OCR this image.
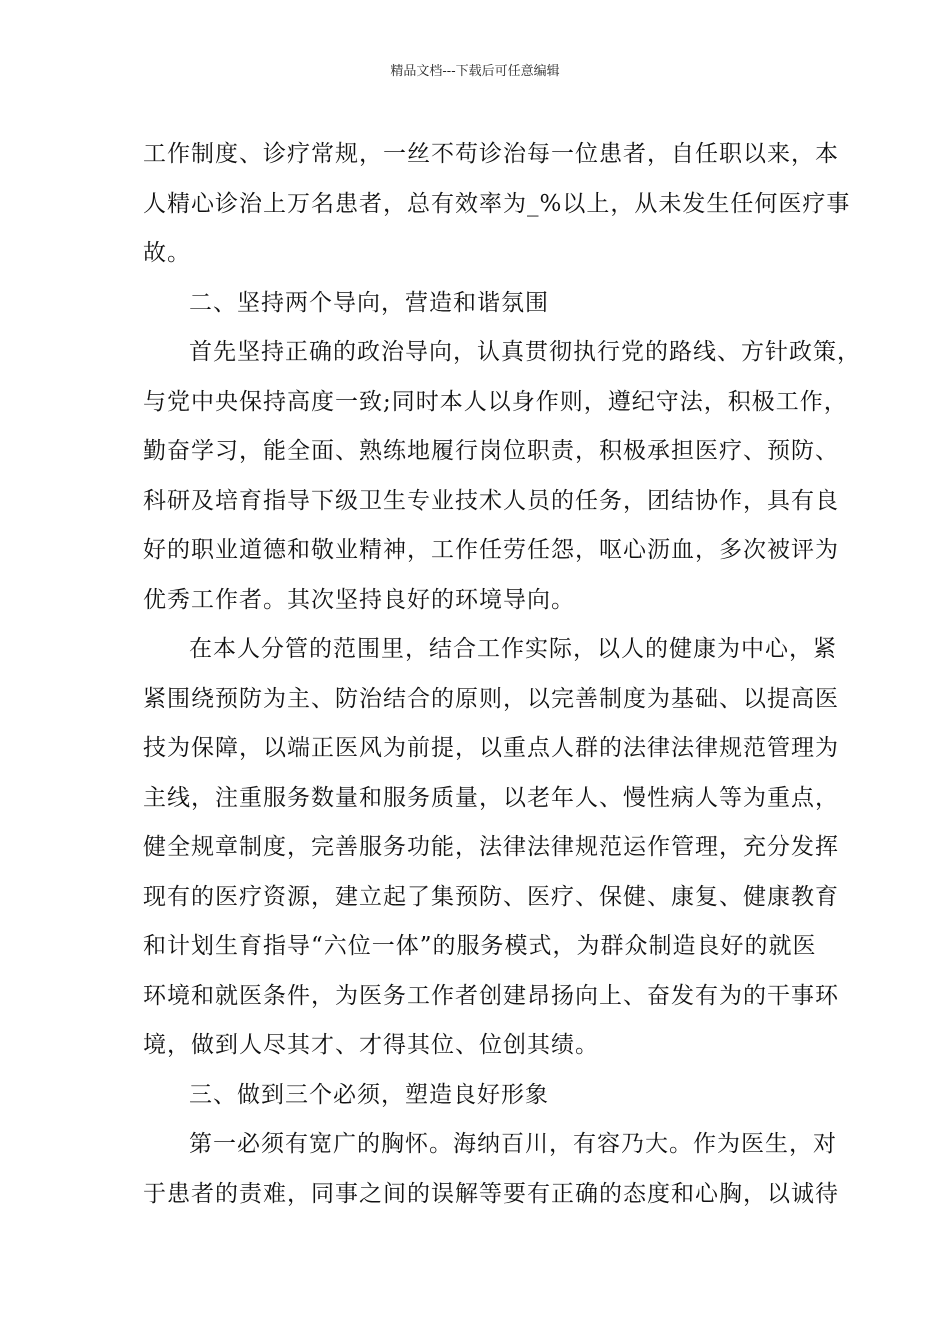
精品文档---下载后可任意编辑
工作制度、诊疗常规，一丝不苟诊治每一位患者，自任职以来，本
人精心诊治上万名患者，总有效率为_%以上，从未发生任何医疗事
故。
二、坚持两个导向，营造和谐氛围
首先坚持正确的政治导向，认真贯彻执行党的路线、方针政策，
与党中央保持高度一致;同时本人以身作则，遵纪守法，积极工作，
勤奋学习，能全面、熟练地履行岗位职责，积极承担医疗、预防、
科研及培育指导下级卫生专业技术人员的任务，团结协作，具有良
好的职业道德和敬业精神，工作任劳任怨，呕心沥血，多次被评为
优秀工作者。其次坚持良好的环境导向。
在本人分管的范围里，结合工作实际，以人的健康为中心，紧
紧围绕预防为主、防治结合的原则，以完善制度为基础、以提高医
技为保障，以端正医风为前提，以重点人群的法律法律规范管理为
主线，注重服务数量和服务质量，以老年人、慢性病人等为重点，
健全规章制度，完善服务功能，法律法律规范运作管理，充分发挥
现有的医疗资源，建立起了集预防、医疗、保健、康复、健康教育
和计划生育指导“六位一体”的服务模式，为群众制造良好的就医
环境和就医条件，为医务工作者创建昂扬向上、奋发有为的干事环
境，做到人尽其才、才得其位、位创其绩。
三、做到三个必须，塑造良好形象
第一必须有宽广的胸怀。海纳百川，有容乃大。作为医生，对
于患者的责难，同事之间的误解等要有正确的态度和心胸，以诚待
